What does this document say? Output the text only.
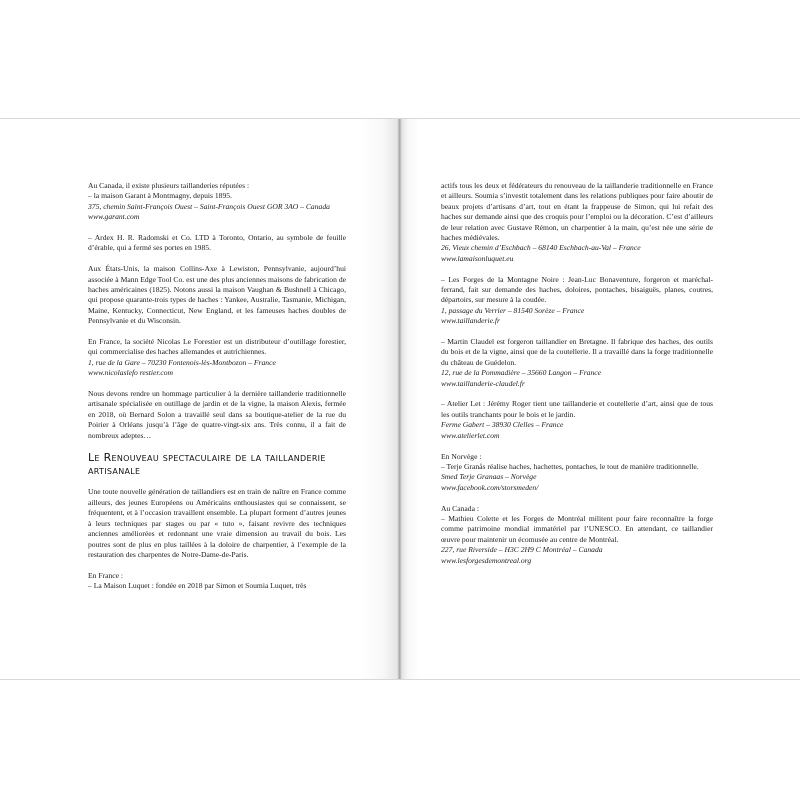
Au Canada, il existe plusieurs taillanderies réputées :

– la maison Garant à Montmagny, depuis 1895.

375, chemin Saint-François Ouest – Saint-François Ouest GOR 3AO – Canada

www.garant.com

– Ardex H. R. Radomski et Co. LTD à Toronto, Ontario, au symbole de feuille d’érable, qui a fermé ses portes en 1985.
Aux États-Unis, la maison Collins-Axe à Lewiston, Pennsylvanie, aujourd’hui associée à Mann Edge Tool Co. est une des plus anciennes maisons de fabrication de haches américaines (1825). Notons aussi la maison Vaughan & Bushnell à Chicago, qui propose quarante-trois types de haches : Yankee, Australie, Tasmanie, Michigan, Maine, Kentucky, Connecticut, New England, et les fameuses haches doubles de Pennsylvanie et du Wisconsin.

En France, la société Nicolas Le Forestier est un distributeur d’outillage forestier, qui commercialise des haches allemandes et autrichiennes.

1, rue de la Gare – 70230 Fontenois-lès-Montbozon – France

www.nicolaslefo restier.com

Nous devons rendre un hommage particulier à la dernière taillanderie traditionnelle artisanale spécialisée en outillage de jardin et de la vigne, la maison Alexis, fermée en 2018, où Bernard Solon a travaillé seul dans sa boutique-atelier de la rue du Poirier à Orléans jusqu’à l’âge de quatre-vingt-six ans. Très connu, il a fait de nombreux adeptes…
Le Renouveau spectaculaire de la taillanderie artisanale
Une toute nouvelle génération de taillandiers est en train de naître en France comme ailleurs, des jeunes Européens ou Américains enthousiastes qui se connaissent, se fréquentent, et à l’occasion travaillent ensemble. La plupart forment d’autres jeunes à leurs techniques par stages ou par « tuto », faisant revivre des techniques anciennes améliorées et redonnant une vraie dimension au travail du bois. Les poutres sont de plus en plus taillées à la doloire de charpentier, à l’exemple de la restauration des charpentes de Notre-Dame-de-Paris.

En France :

– La Maison Luquet : fondée en 2018 par Simon et Soumia Luquet, très

actifs tous les deux et fédérateurs du renouveau de la taillanderie traditionnelle en France et ailleurs. Soumia s’investit totalement dans les relations publiques pour faire aboutir de beaux projets d’artisans d’art, tout en étant la frappeuse de Simon, qui lui refait des haches sur demande ainsi que des croquis pour l’emploi ou la décoration. C’est d’ailleurs de leur relation avec Gustave Rémon, un charpentier à la main, qu’est née une série de haches médiévales.

26, Vieux chemin d’Eschbach – 68140 Eschbach-au-Val – France

www.lamaisonluquet.eu

– Les Forges de la Montagne Noire : Jean-Luc Bonaventure, forgeron et maréchal-ferrand, fait sur demande des haches, doloires, pontaches, bisaiguës, planes, coutres, départoirs, sur mesure à la coudée.

1, passage du Verrier – 81540 Sorèze – France

www.taillanderie.fr

– Martin Claudel est forgeron taillandier en Bretagne. Il fabrique des haches, des outils du bois et de la vigne, ainsi que de la coutellerie. Il a travaillé dans la forge traditionnelle du château de Guédelon.

12, rue de la Pommadière – 35660 Langon – France

www.taillanderie-claudel.fr

– Atelier Let : Jérémy Roger tient une taillanderie et coutellerie d’art, ainsi que de tous les outils tranchants pour le bois et le jardin.

Ferme Gabert – 38930 Clelles – France

www.atelierlet.com

En Norvège :

– Terje Granås réalise haches, hachettes, pontaches, le tout de manière traditionnelle.

Smed Terje Granaas – Norvège

www.facebook.com/storsmeden/

Au Canada :

– Mathieu Colette et les Forges de Montréal militent pour faire reconnaître la forge comme patrimoine mondial immatériel par l’UNESCO. En attendant, ce taillandier œuvre pour maintenir un écomusée au centre de Montréal.

227, rue Riverside – H3C 2H9 C Montréal – Canada

www.lesforgesdemontreal.org
